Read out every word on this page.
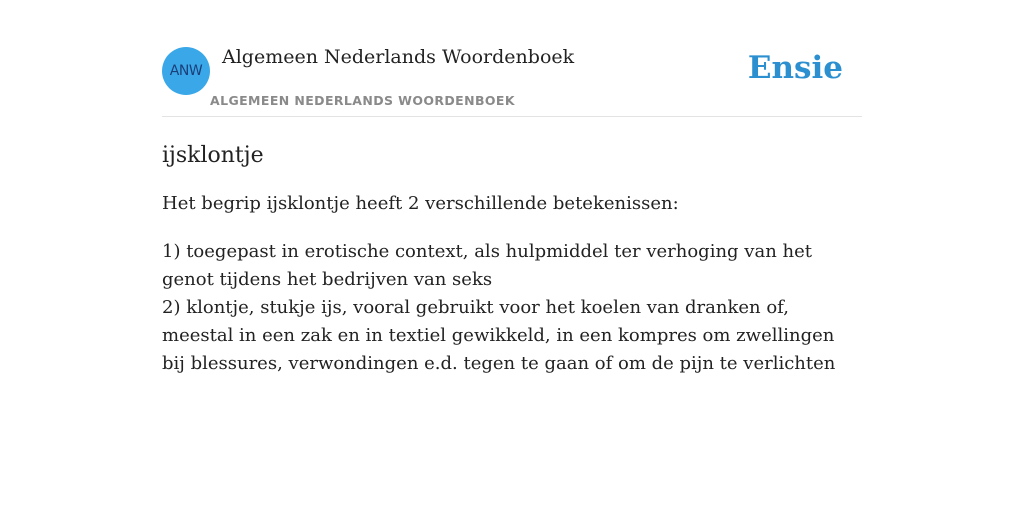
ANW
Algemeen Nederlands Woordenboek
ALGEMEEN NEDERLANDS WOORDENBOEK
Ensie
ijsklontje

Het begrip ijsklontje heeft 2 verschillende betekenissen:

1) toegepast in erotische context, als hulpmiddel ter verhoging van het genot tijdens het bedrijven van seks
2) klontje, stukje ijs, vooral gebruikt voor het koelen van dranken of, meestal in een zak en in textiel gewikkeld, in een kompres om zwellingen bij blessures, verwondingen e.d. tegen te gaan of om de pijn te verlichten
